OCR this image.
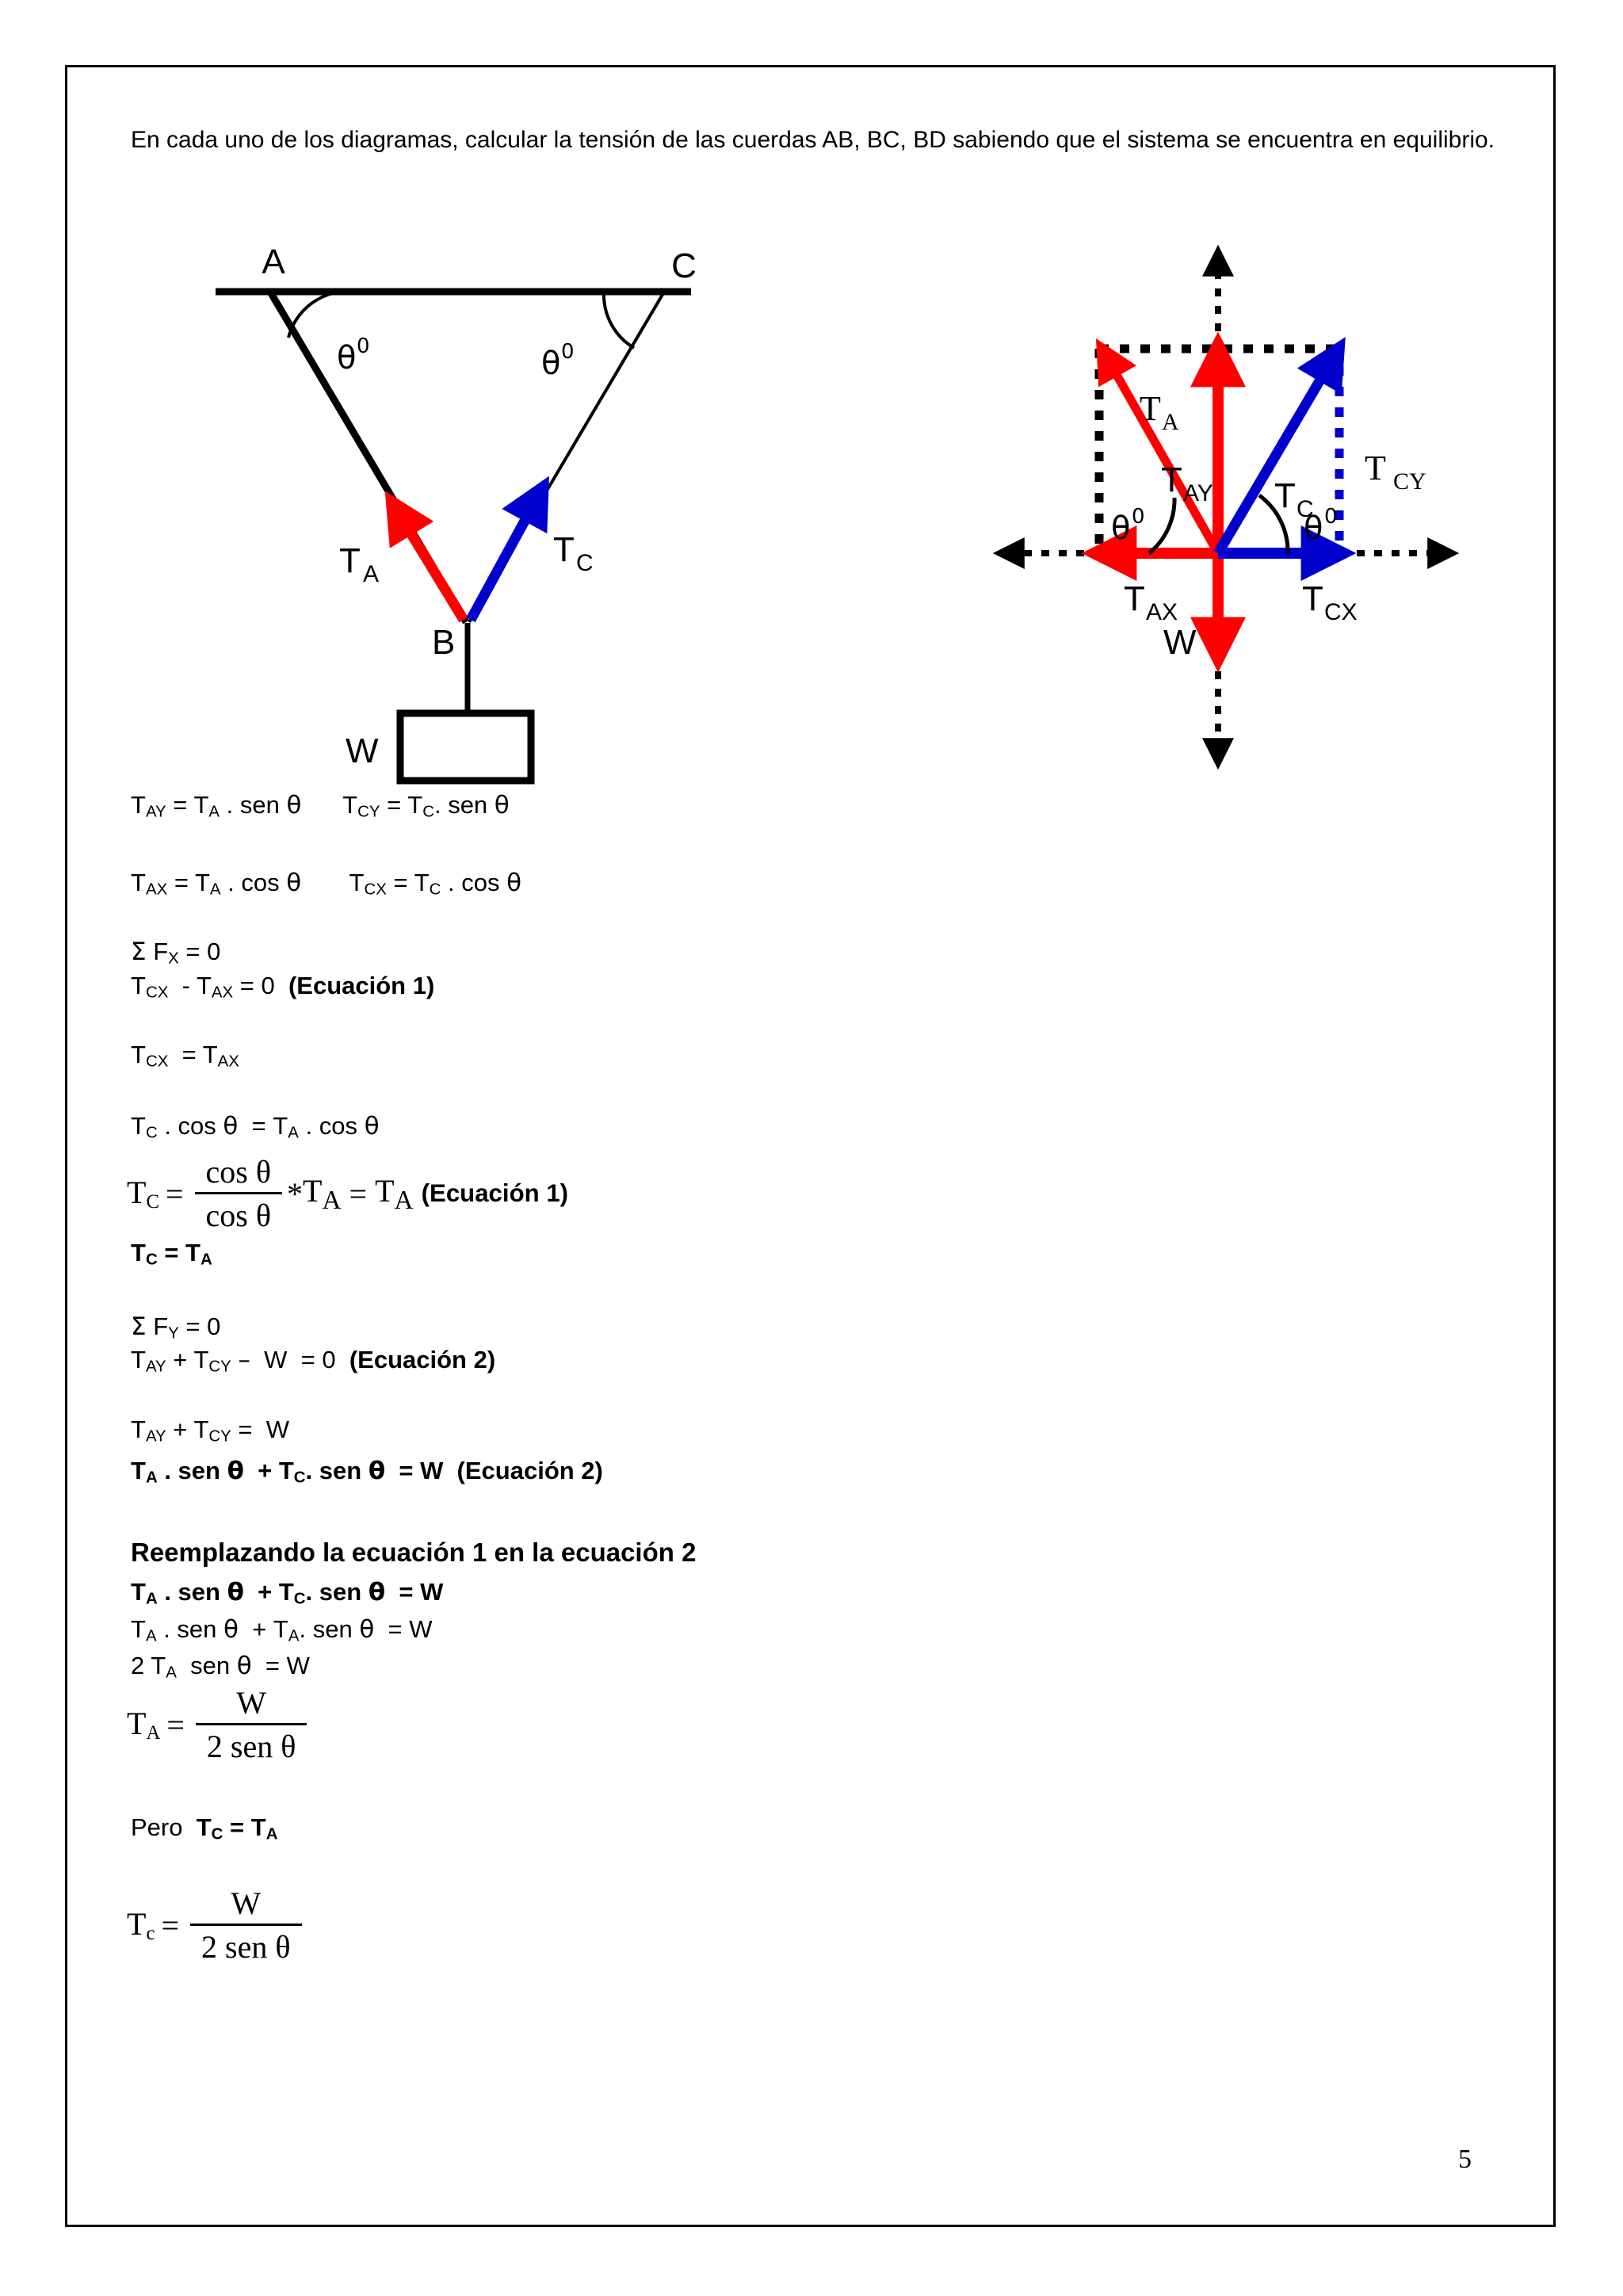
En cada uno de los diagramas, calcular la tensión de las cuerdas AB, BC, BD sabiendo que el sistema se encuentra en equilibrio.
A	C
θ 0	θ 0
T A
T C
B
W
T A
T AY T C
T CY
T AX	T CX
W
θ 0	θ 0
$T_{AY} = T_A$ . sen θ      $T_{CY} = T_C$. sen θ
$T_{AX} = T_A$ . cos θ       $T_{CX} = T_C$ . cos θ
Σ $F_X = 0$
$T_{CX} - T_{AX} = 0$  (Ecuación 1)
$T_{CX} = T_{AX}$
$T_C$ . $\cos \theta = T_A$ . cos θ
$T_C = \frac{\text{cos θ}}{\text{cos θ}} * T_A = T_A$ (Ecuación 1)
$T_C = T_A$
Σ $F_Y = 0$
$T_{AY} + T_{CY} - W = 0$  (Ecuación 2)
$T_{AY} + T_{CY} = W$
$T_A$ . sen $\theta + T_C$. sen θ  = W  (Ecuación 2)
Reemplazando la ecuación 1 en la ecuación 2
$T_A$ . sen $\theta + T_C$. sen θ  = W
$T_A$ . sen $\theta + T_A$. sen θ  = W
2 $T_A$  sen θ  = W
$T_A = \frac{W}{\text{2 sen θ}}$
Pero  $T_C = T_A$
$T_c = \frac{W}{\text{2 sen θ}}$
5
